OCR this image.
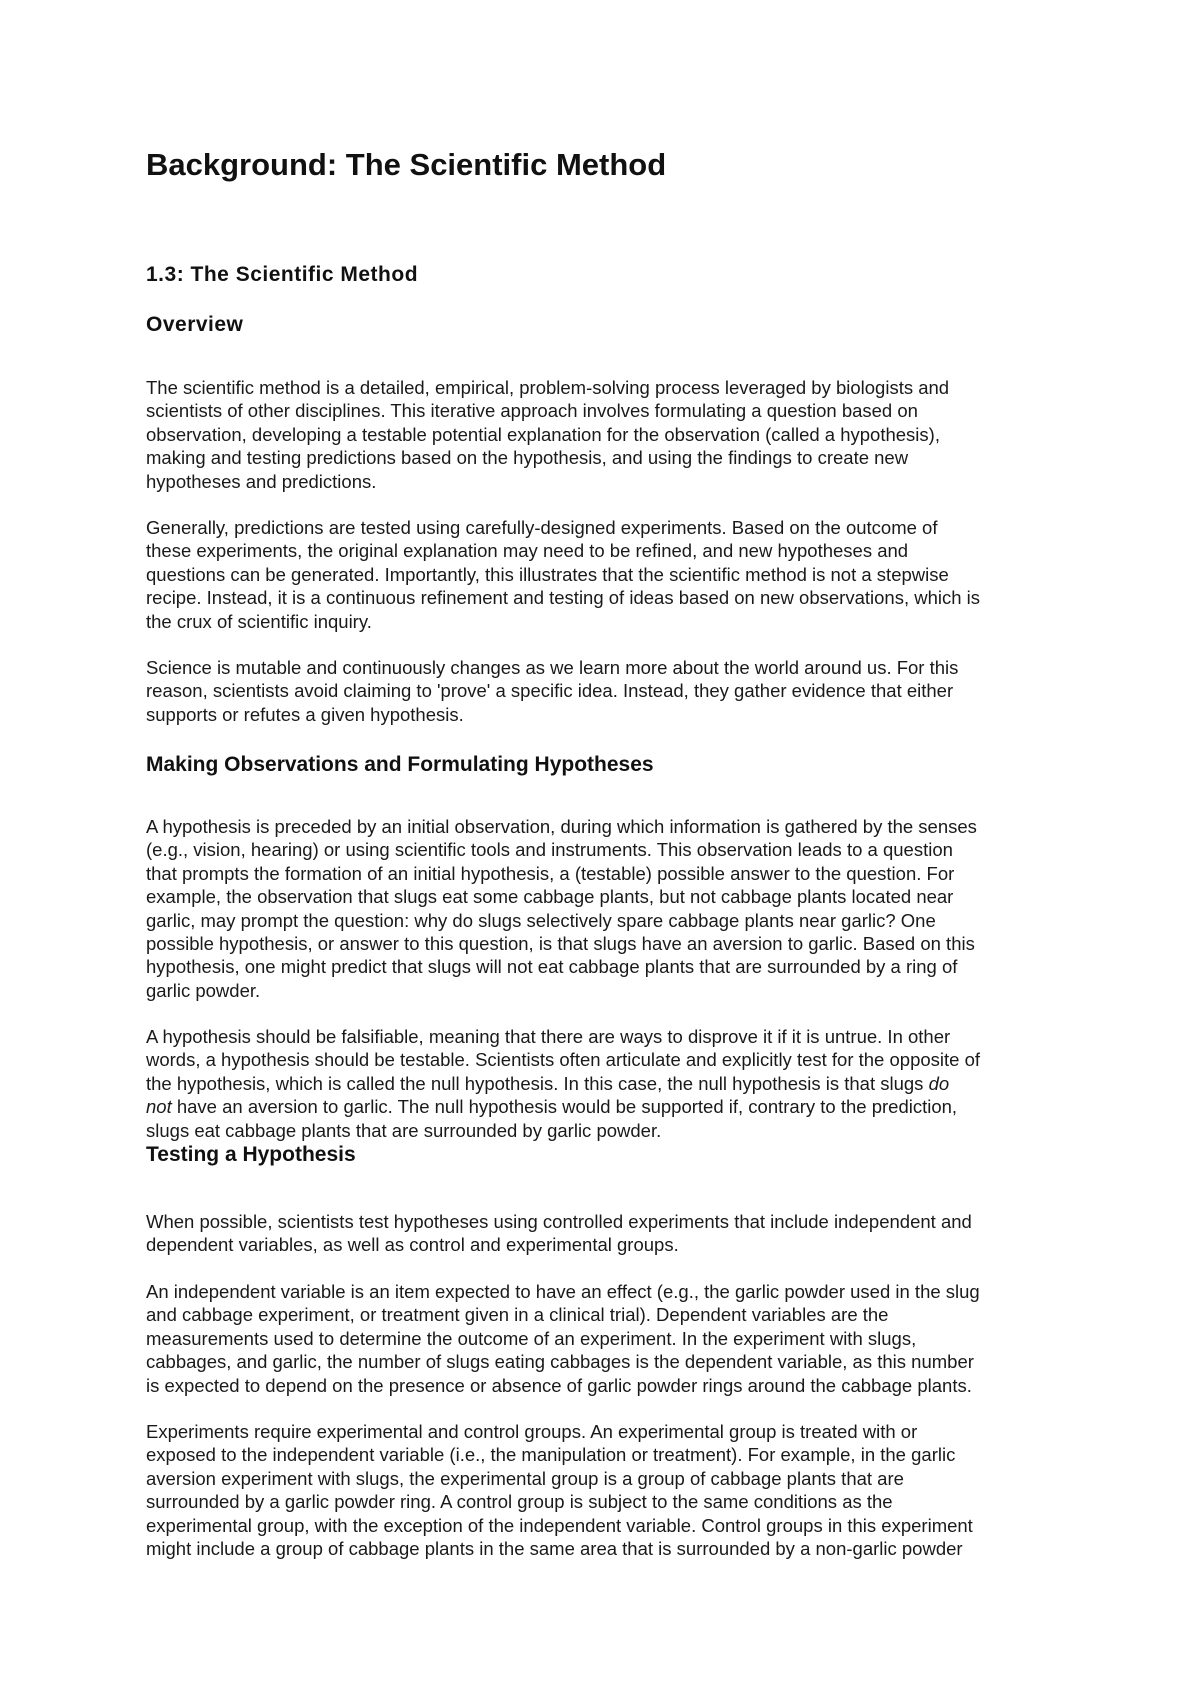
Background: The Scientific Method
1.3: The Scientific Method
Overview

The scientific method is a detailed, empirical, problem-solving process leveraged by biologists and
scientists of other disciplines. This iterative approach involves formulating a question based on
observation, developing a testable potential explanation for the observation (called a hypothesis),
making and testing predictions based on the hypothesis, and using the findings to create new
hypotheses and predictions.

Generally, predictions are tested using carefully-designed experiments. Based on the outcome of
these experiments, the original explanation may need to be refined, and new hypotheses and
questions can be generated. Importantly, this illustrates that the scientific method is not a stepwise
recipe. Instead, it is a continuous refinement and testing of ideas based on new observations, which is
the crux of scientific inquiry.

Science is mutable and continuously changes as we learn more about the world around us. For this
reason, scientists avoid claiming to 'prove' a specific idea. Instead, they gather evidence that either
supports or refutes a given hypothesis.

Making Observations and Formulating Hypotheses

A hypothesis is preceded by an initial observation, during which information is gathered by the senses
(e.g., vision, hearing) or using scientific tools and instruments. This observation leads to a question
that prompts the formation of an initial hypothesis, a (testable) possible answer to the question. For
example, the observation that slugs eat some cabbage plants, but not cabbage plants located near
garlic, may prompt the question: why do slugs selectively spare cabbage plants near garlic? One
possible hypothesis, or answer to this question, is that slugs have an aversion to garlic. Based on this
hypothesis, one might predict that slugs will not eat cabbage plants that are surrounded by a ring of
garlic powder.

A hypothesis should be falsifiable, meaning that there are ways to disprove it if it is untrue. In other
words, a hypothesis should be testable. Scientists often articulate and explicitly test for the opposite of
the hypothesis, which is called the null hypothesis. In this case, the null hypothesis is that slugs do
not have an aversion to garlic. The null hypothesis would be supported if, contrary to the prediction,
slugs eat cabbage plants that are surrounded by garlic powder.

Testing a Hypothesis

When possible, scientists test hypotheses using controlled experiments that include independent and
dependent variables, as well as control and experimental groups.

An independent variable is an item expected to have an effect (e.g., the garlic powder used in the slug
and cabbage experiment, or treatment given in a clinical trial). Dependent variables are the
measurements used to determine the outcome of an experiment. In the experiment with slugs,
cabbages, and garlic, the number of slugs eating cabbages is the dependent variable, as this number
is expected to depend on the presence or absence of garlic powder rings around the cabbage plants.

Experiments require experimental and control groups. An experimental group is treated with or
exposed to the independent variable (i.e., the manipulation or treatment). For example, in the garlic
aversion experiment with slugs, the experimental group is a group of cabbage plants that are
surrounded by a garlic powder ring. A control group is subject to the same conditions as the
experimental group, with the exception of the independent variable. Control groups in this experiment
might include a group of cabbage plants in the same area that is surrounded by a non-garlic powder
